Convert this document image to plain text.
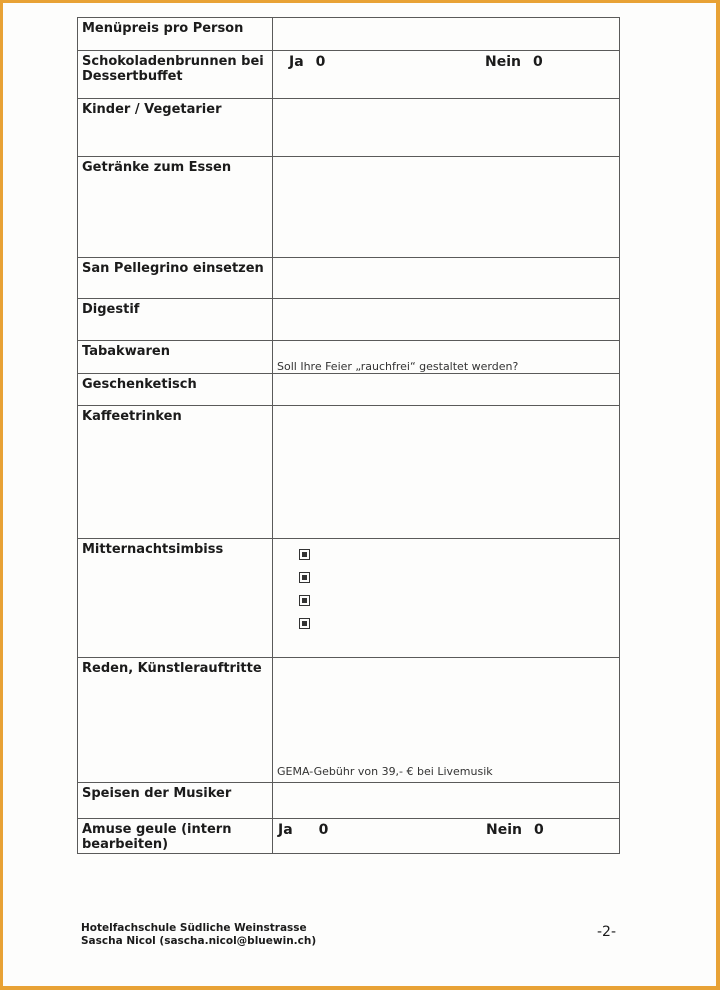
Menüpreis pro Person	
Schokoladenbrunnen bei Dessertbuffet	Ja 0 Nein 0

Kinder / Vegetarier	
Getränke zum Essen	
San Pellegrino einsetzen	
Digestif	
Tabakwaren	Soll Ihre Feier „rauchfrei“ gestaltet werden?

Geschenketisch	
Kaffeetrinken	
Mitternachtsimbiss	

Reden, Künstlerauftritte	GEMA-Gebühr von 39,- € bei Livemusik

Speisen der Musiker	
Amuse geule (intern bearbeiten)	Ja 0 Nein 0
Hotelfachschule Südliche Weinstrasse
Sascha Nicol (sascha.nicol@bluewin.ch)
-2-
